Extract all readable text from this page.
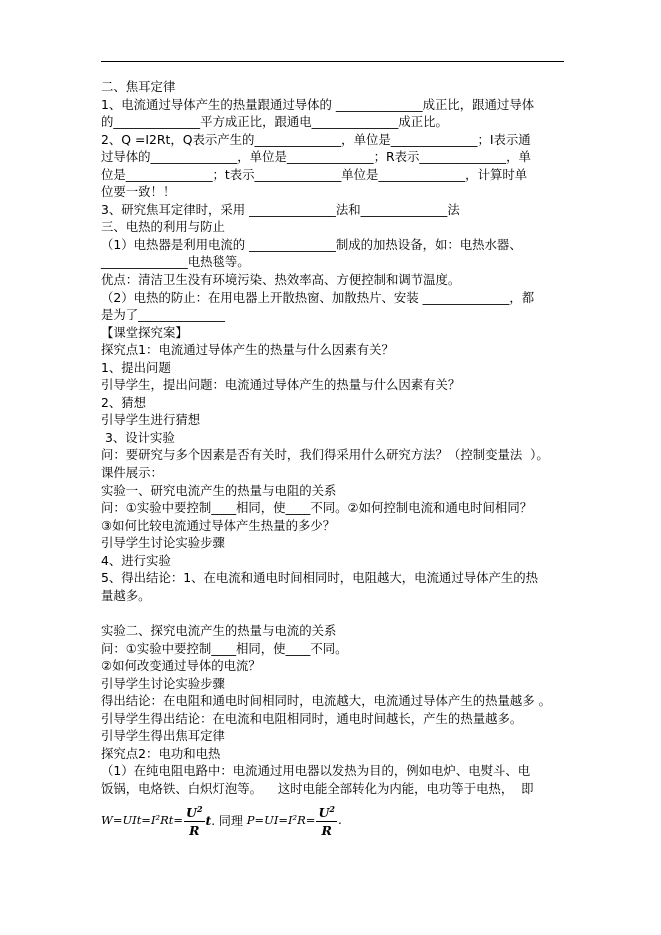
二、焦耳定律
1、电流通过导体产生的热量跟通过导体的 ______________成正比，跟通过导体
的______________平方成正比，跟通电______________成正比。
2、Q =I2Rt，Q表示产生的______________，单位是______________；I表示通
过导体的______________，单位是______________；R表示______________，单
位是______________；t表示______________单位是______________，计算时单
位要一致！！
3、研究焦耳定律时，采用 ______________法和______________法
三、电热的利用与防止
（1）电热器是利用电流的 ______________制成的加热设备，如：电热水器、
______________电热毯等。
优点：清洁卫生没有环境污染、热效率高、方便控制和调节温度。
（2）电热的防止：在用电器上开散热窗、加散热片、安装 ______________，都
是为了______________
【课堂探究案】
探究点1：电流通过导体产生的热量与什么因素有关？
1、提出问题
引导学生，提出问题：电流通过导体产生的热量与什么因素有关？
2、猜想
引导学生进行猜想
3、设计实验
问：要研究与多个因素是否有关时，我们得采用什么研究方法？（控制变量法  ）。
课件展示：
实验一、研究电流产生的热量与电阻的关系
问：①实验中要控制____相同，使____不同。②如何控制电流和通电时间相同？
③如何比较电流通过导体产生热量的多少？
引导学生讨论实验步骤
4、进行实验
5、得出结论：1、在电流和通电时间相同时，电阻越大，电流通过导体产生的热
量越多。
实验二、探究电流产生的热量与电流的关系
问：①实验中要控制____相同，使____不同。
②如何改变通过导体的电流？
引导学生讨论实验步骤
得出结论：在电阻和通电时间相同时，电流越大，电流通过导体产生的热量越多 。
引导学生得出结论：在电流和电阻相同时，通电时间越长，产生的热量越多。
引导学生得出焦耳定律
探究点2：电功和电热
（1）在纯电阻电路中：电流通过用电器以发热为目的，例如电炉、电熨斗、电
饭锅，电烙铁、白炽灯泡等。    这时电能全部转化为内能，电功等于电热，  即
$W=UIt=I^2Rt= \frac{U^2}{R}$ t . 同理 $P=UI=I^2R= \frac{U^2}{R}$ .
